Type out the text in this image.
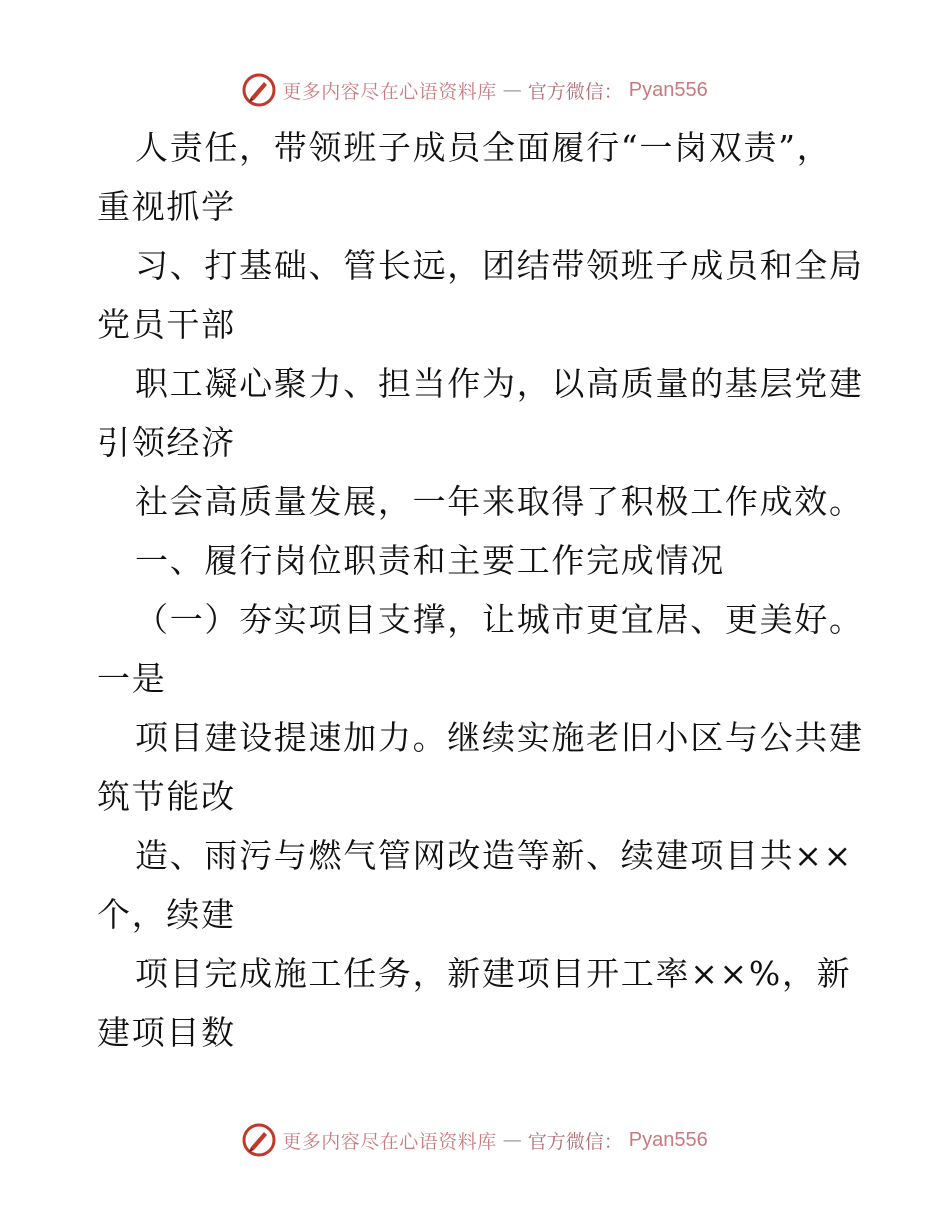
更多内容尽在心语资料库 — 官方微信： Pyan556
人责任，带领班子成员全面履行“一岗双责”，
重视抓学
习、打基础、管长远，团结带领班子成员和全局
党员干部
职工凝心聚力、担当作为，以高质量的基层党建
引领经济
社会高质量发展，一年来取得了积极工作成效。
一、履行岗位职责和主要工作完成情况
（一）夯实项目支撑，让城市更宜居、更美好。
一是
项目建设提速加力。继续实施老旧小区与公共建
筑节能改
造、雨污与燃气管网改造等新、续建项目共××
个，续建
项目完成施工任务，新建项目开工率××%，新
建项目数
更多内容尽在心语资料库 — 官方微信： Pyan556
